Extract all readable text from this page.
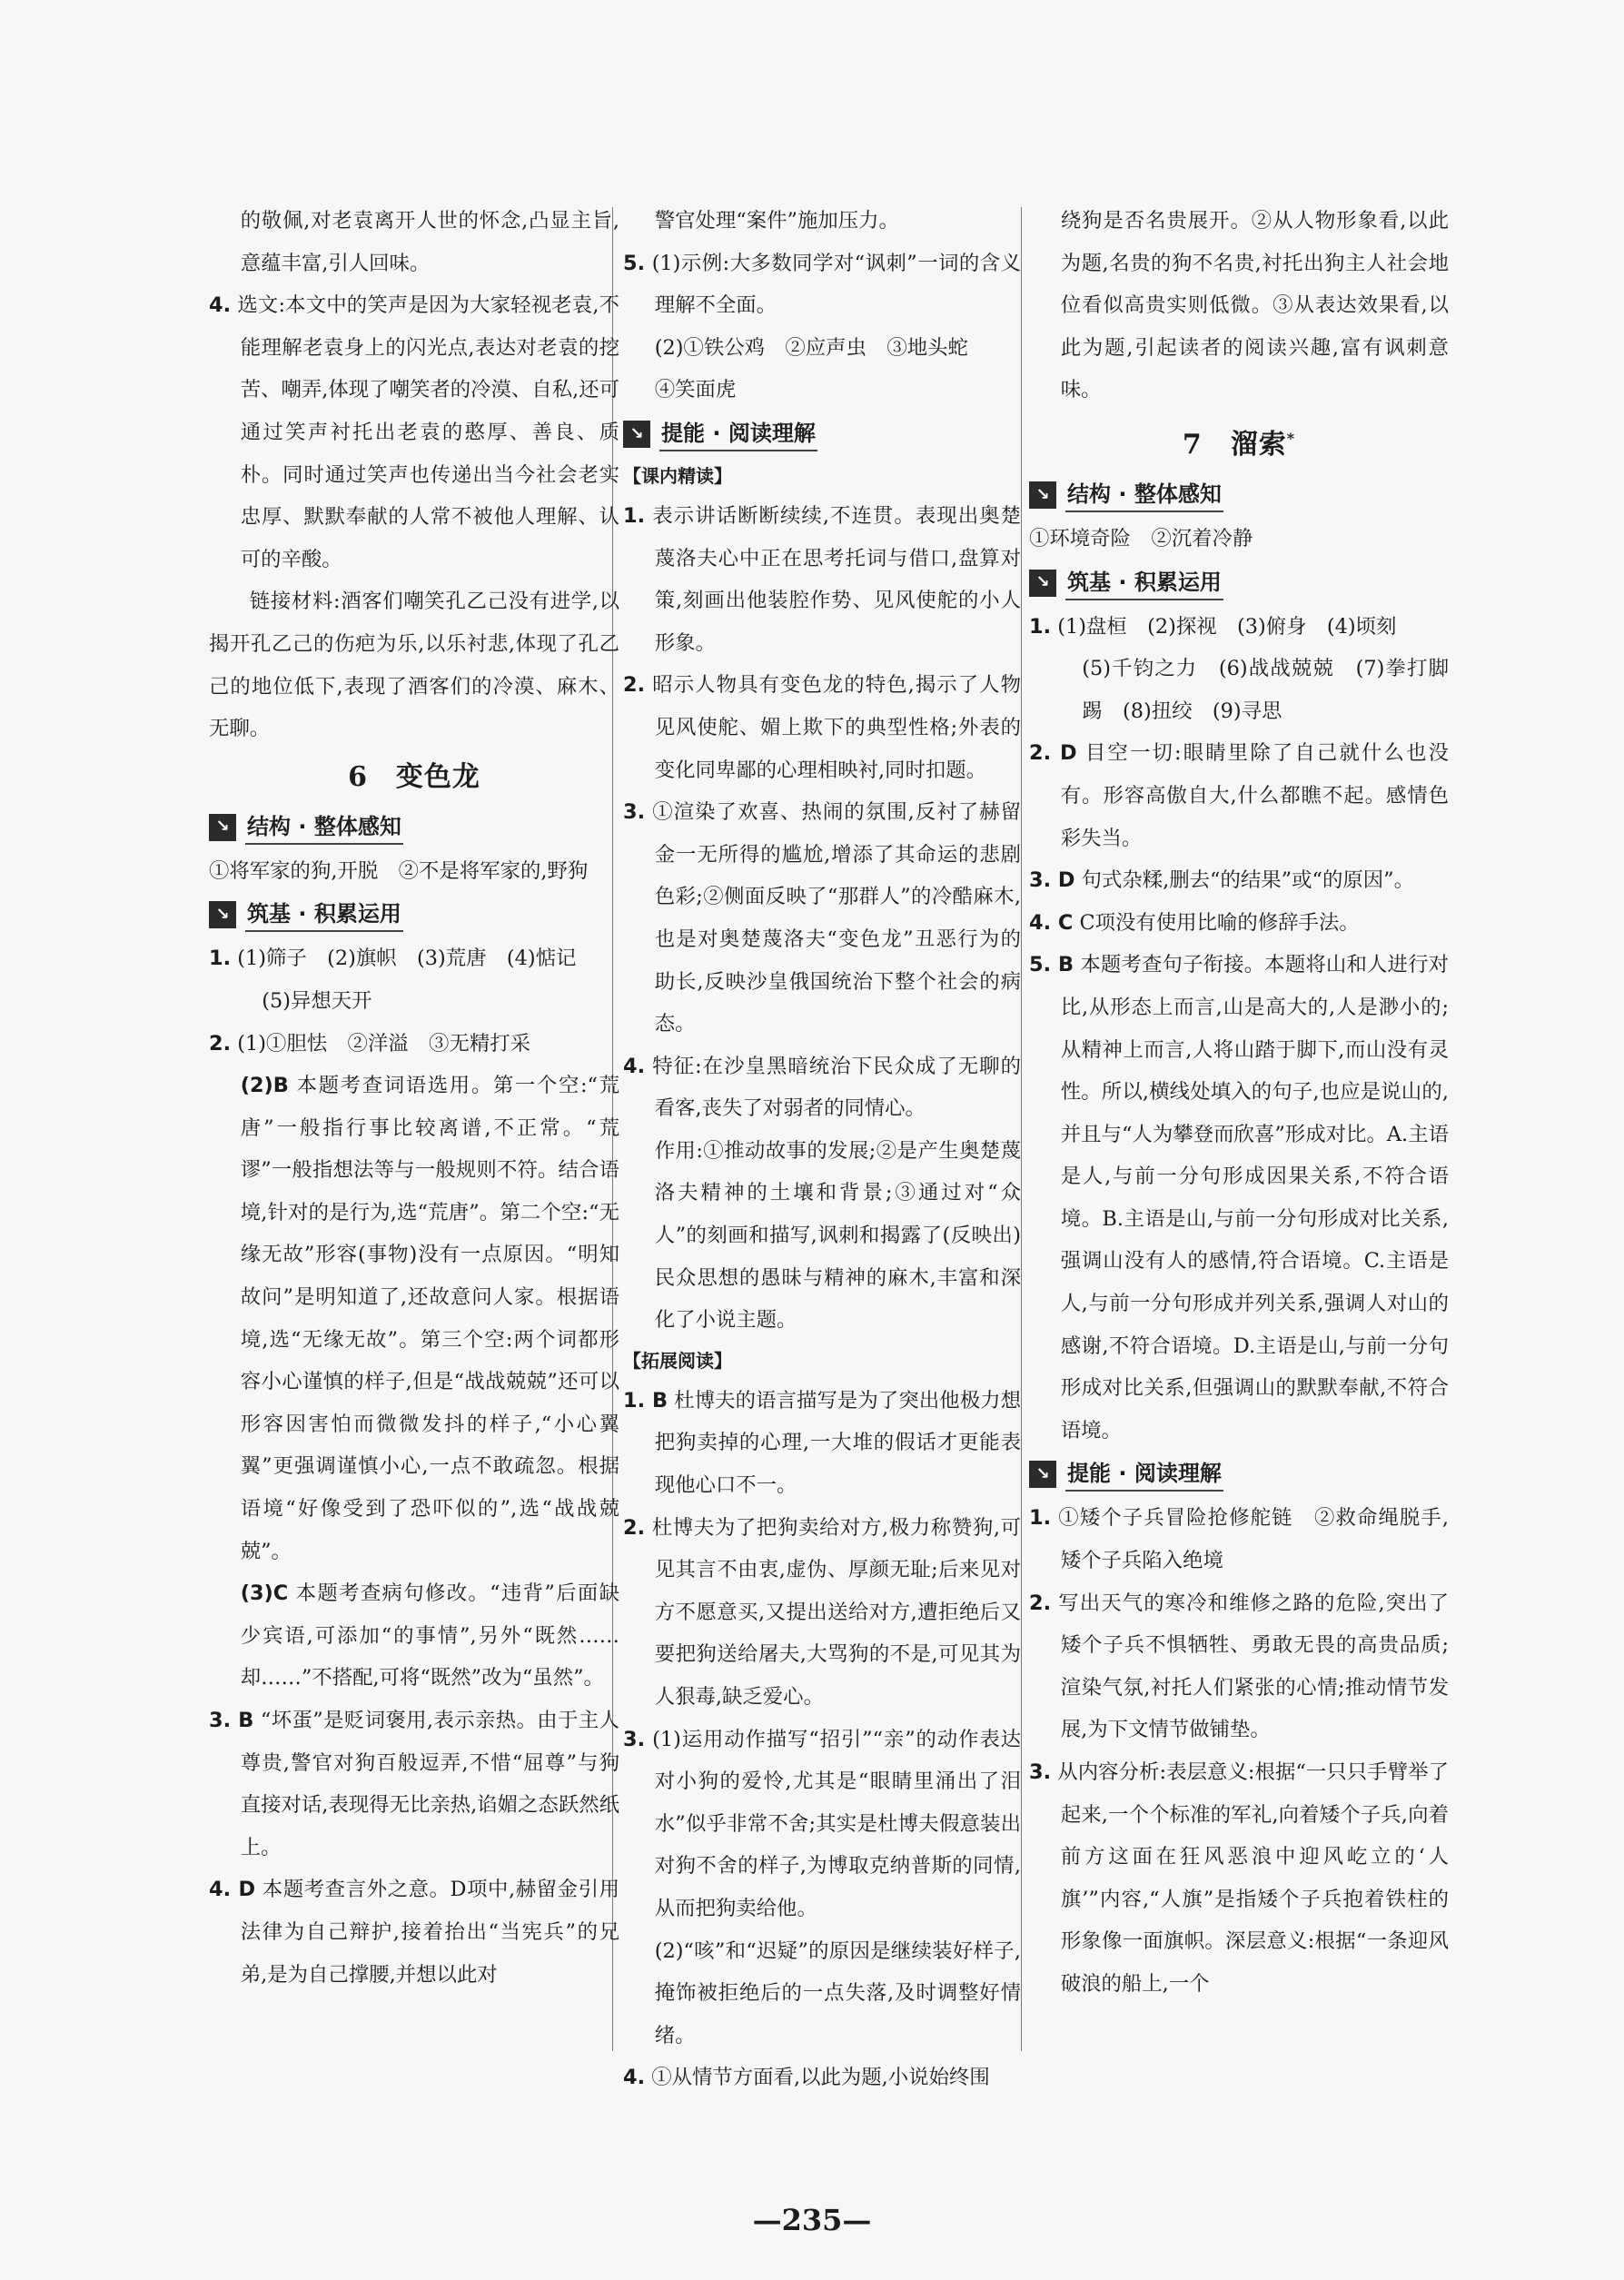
的敬佩,对老袁离开人世的怀念,凸显主旨,意蕴丰富,引人回味。

4. 选文:本文中的笑声是因为大家轻视老袁,不能理解老袁身上的闪光点,表达对老袁的挖苦、嘲弄,体现了嘲笑者的冷漠、自私,还可通过笑声衬托出老袁的憨厚、善良、质朴。同时通过笑声也传递出当今社会老实忠厚、默默奉献的人常不被他人理解、认可的辛酸。

链接材料:酒客们嘲笑孔乙己没有进学,以揭开孔乙己的伤疤为乐,以乐衬悲,体现了孔乙己的地位低下,表现了酒客们的冷漠、麻木、无聊。

6　变色龙
↘ 结构 · 整体感知

①将军家的狗,开脱　②不是将军家的,野狗

↘ 筑基 · 积累运用

1. (1)筛子　(2)旗帜　(3)荒唐　(4)惦记

(5)异想天开

2. (1)①胆怯　②洋溢　③无精打采

(2)B 本题考查词语选用。第一个空:“荒唐”一般指行事比较离谱,不正常。“荒谬”一般指想法等与一般规则不符。结合语境,针对的是行为,选“荒唐”。第二个空:“无缘无故”形容(事物)没有一点原因。“明知故问”是明知道了,还故意问人家。根据语境,选“无缘无故”。第三个空:两个词都形容小心谨慎的样子,但是“战战兢兢”还可以形容因害怕而微微发抖的样子,“小心翼翼”更强调谨慎小心,一点不敢疏忽。根据语境“好像受到了恐吓似的”,选“战战兢兢”。

(3)C 本题考查病句修改。“违背”后面缺少宾语,可添加“的事情”,另外“既然……却……”不搭配,可将“既然”改为“虽然”。

3. B “坏蛋”是贬词褒用,表示亲热。由于主人尊贵,警官对狗百般逗弄,不惜“屈尊”与狗直接对话,表现得无比亲热,谄媚之态跃然纸上。

4. D 本题考查言外之意。D项中,赫留金引用法律为自己辩护,接着抬出“当宪兵”的兄弟,是为自己撑腰,并想以此对

警官处理“案件”施加压力。

5. (1)示例:大多数同学对“讽刺”一词的含义理解不全面。

(2)①铁公鸡　②应声虫　③地头蛇

④笑面虎

↘ 提能 · 阅读理解

【课内精读】

1. 表示讲话断断续续,不连贯。表现出奥楚蔑洛夫心中正在思考托词与借口,盘算对策,刻画出他装腔作势、见风使舵的小人形象。

2. 昭示人物具有变色龙的特色,揭示了人物见风使舵、媚上欺下的典型性格;外表的变化同卑鄙的心理相映衬,同时扣题。

3. ①渲染了欢喜、热闹的氛围,反衬了赫留金一无所得的尴尬,增添了其命运的悲剧色彩;②侧面反映了“那群人”的冷酷麻木,也是对奥楚蔑洛夫“变色龙”丑恶行为的助长,反映沙皇俄国统治下整个社会的病态。

4. 特征:在沙皇黑暗统治下民众成了无聊的看客,丧失了对弱者的同情心。

作用:①推动故事的发展;②是产生奥楚蔑洛夫精神的土壤和背景;③通过对“众人”的刻画和描写,讽刺和揭露了(反映出)民众思想的愚昧与精神的麻木,丰富和深化了小说主题。

【拓展阅读】

1. B 杜博夫的语言描写是为了突出他极力想把狗卖掉的心理,一大堆的假话才更能表现他心口不一。

2. 杜博夫为了把狗卖给对方,极力称赞狗,可见其言不由衷,虚伪、厚颜无耻;后来见对方不愿意买,又提出送给对方,遭拒绝后又要把狗送给屠夫,大骂狗的不是,可见其为人狠毒,缺乏爱心。

3. (1)运用动作描写“招引”“亲”的动作表达对小狗的爱怜,尤其是“眼睛里涌出了泪水”似乎非常不舍;其实是杜博夫假意装出对狗不舍的样子,为博取克纳普斯的同情,从而把狗卖给他。

(2)“咳”和“迟疑”的原因是继续装好样子,掩饰被拒绝后的一点失落,及时调整好情绪。

4. ①从情节方面看,以此为题,小说始终围

绕狗是否名贵展开。②从人物形象看,以此为题,名贵的狗不名贵,衬托出狗主人社会地位看似高贵实则低微。③从表达效果看,以此为题,引起读者的阅读兴趣,富有讽刺意味。

7　溜索*
↘ 结构 · 整体感知

①环境奇险　②沉着冷静

↘ 筑基 · 积累运用

1. (1)盘桓　(2)探视　(3)俯身　(4)顷刻

(5)千钧之力　(6)战战兢兢　(7)拳打脚踢　(8)扭绞　(9)寻思

2. D 目空一切:眼睛里除了自己就什么也没有。形容高傲自大,什么都瞧不起。感情色彩失当。

3. D 句式杂糅,删去“的结果”或“的原因”。

4. C C项没有使用比喻的修辞手法。

5. B 本题考查句子衔接。本题将山和人进行对比,从形态上而言,山是高大的,人是渺小的;从精神上而言,人将山踏于脚下,而山没有灵性。所以,横线处填入的句子,也应是说山的,并且与“人为攀登而欣喜”形成对比。A.主语是人,与前一分句形成因果关系,不符合语境。B.主语是山,与前一分句形成对比关系,强调山没有人的感情,符合语境。C.主语是人,与前一分句形成并列关系,强调人对山的感谢,不符合语境。D.主语是山,与前一分句形成对比关系,但强调山的默默奉献,不符合语境。

↘ 提能 · 阅读理解

1. ①矮个子兵冒险抢修舵链　②救命绳脱手,矮个子兵陷入绝境

2. 写出天气的寒冷和维修之路的危险,突出了矮个子兵不惧牺牲、勇敢无畏的高贵品质;渲染气氛,衬托人们紧张的心情;推动情节发展,为下文情节做铺垫。

3. 从内容分析:表层意义:根据“一只只手臂举了起来,一个个标准的军礼,向着矮个子兵,向着前方这面在狂风恶浪中迎风屹立的‘人旗’”内容,“人旗”是指矮个子兵抱着铁柱的形象像一面旗帜。深层意义:根据“一条迎风破浪的船上,一个

—235—
